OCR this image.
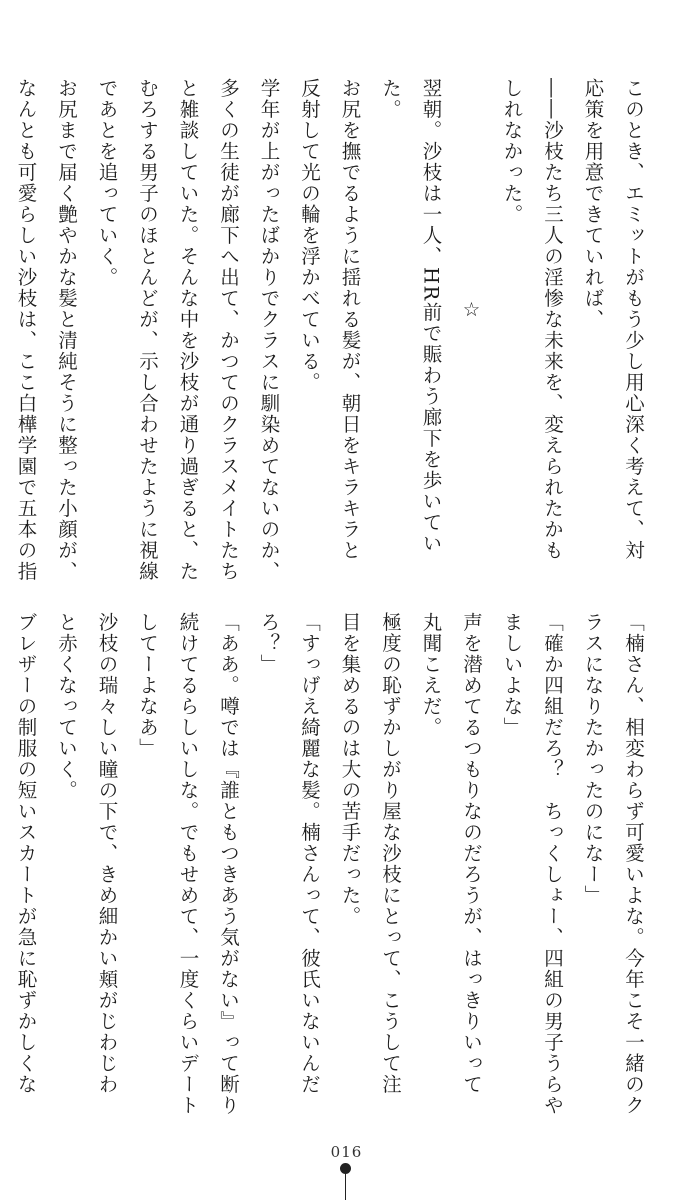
このとき、エミットがもう少し用心深く考えて、対
応策を用意できていれば、
――沙枝たち三人の淫惨な未来を、変えられたかも
しれなかった。
☆
翌朝。沙枝は一人、HR前で賑わう廊下を歩いてい
た。
お尻を撫でるように揺れる髪が、朝日をキラキラと
反射して光の輪を浮かべている。
学年が上がったばかりでクラスに馴染めてないのか、
多くの生徒が廊下へ出て、かつてのクラスメイトたち
と雑談していた。そんな中を沙枝が通り過ぎると、た
むろする男子のほとんどが、示し合わせたように視線
であとを追っていく。
お尻まで届く艶やかな髪と清純そうに整った小顔が、
なんとも可愛らしい沙枝は、ここ白樺学園で五本の指
「楠さん、相変わらず可愛いよな。今年こそ一緒のク
ラスになりたかったのになー」
「確か四組だろ？　ちっくしょー、四組の男子うらや
ましいよな」
声を潜めてるつもりなのだろうが、はっきりいって
丸聞こえだ。
極度の恥ずかしがり屋な沙枝にとって、こうして注
目を集めるのは大の苦手だった。
「すっげえ綺麗な髪。楠さんって、彼氏いないんだ
ろ？」
「ああ。噂では『誰ともつきあう気がない』って断り
続けてるらしいしな。でもせめて、一度くらいデート
してーよなあ」
沙枝の瑞々しい瞳の下で、きめ細かい頬がじわじわ
と赤くなっていく。
ブレザーの制服の短いスカートが急に恥ずかしくな
016
